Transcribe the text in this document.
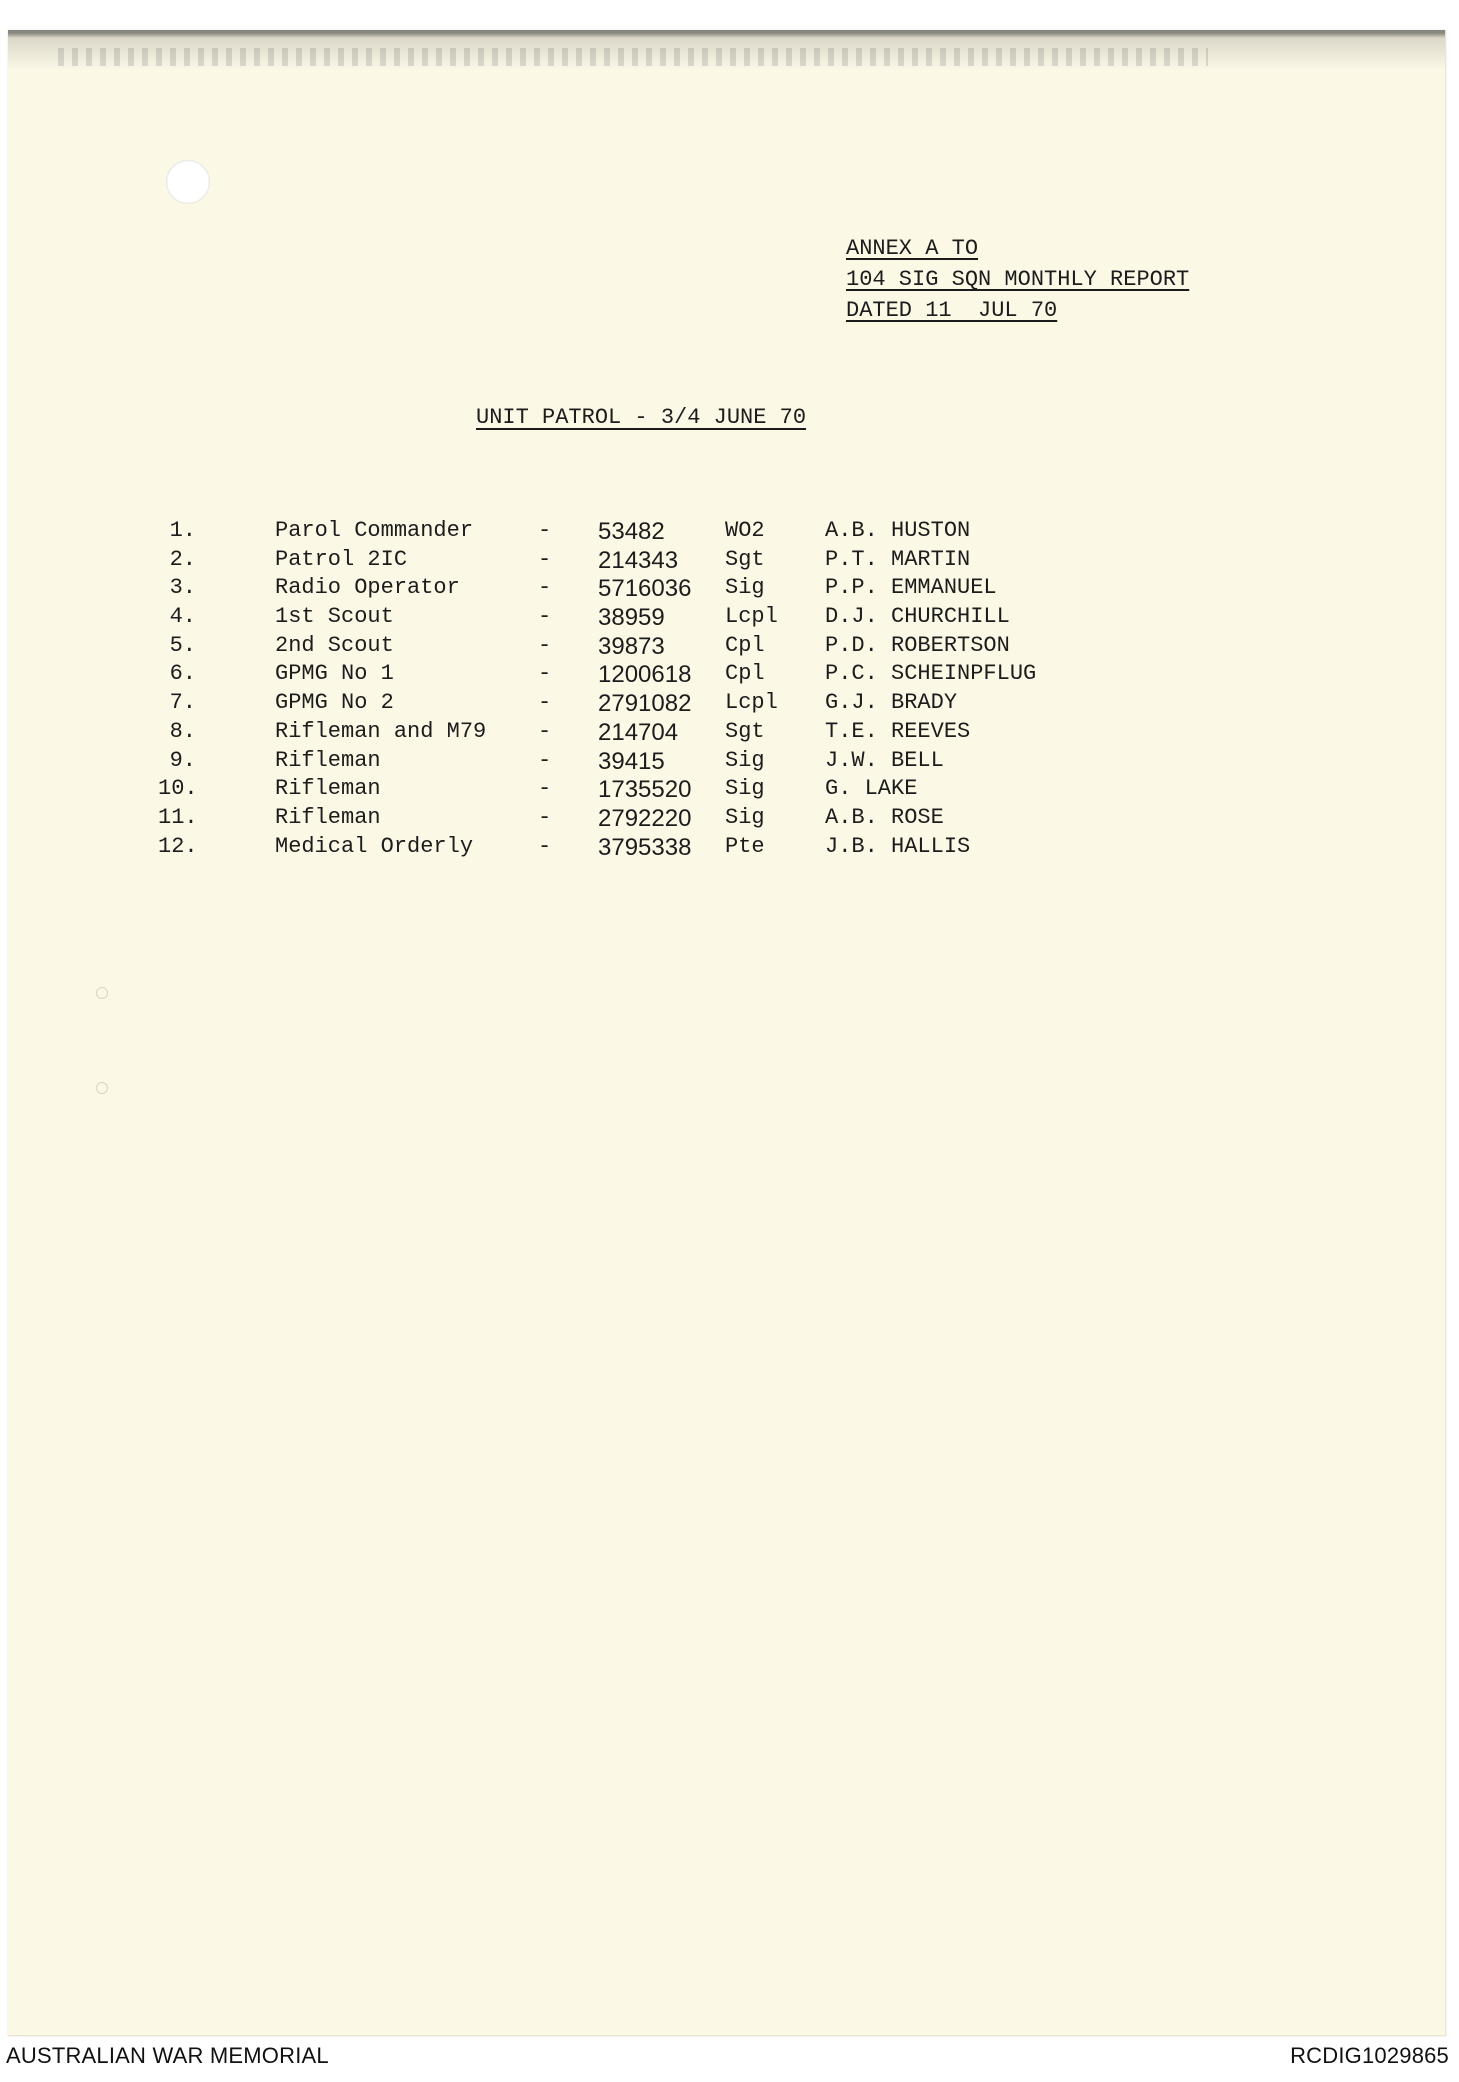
ANNEX A TO
104 SIG SQN MONTHLY REPORT
DATED 11  JUL 70
UNIT PATROL - 3/4 JUNE 70
1.	Parol Commander	- 53482	WO2	A.B. HUSTON
2.	Patrol 2IC	- 214343 Sgt	P.T. MARTIN
3.	Radio Operator	- 5716036 Sig	P.P. EMMANUEL
4.	1st Scout	- 38959	Lcpl D.J. CHURCHILL
5.	2nd Scout	- 39873	Cpl	P.D. ROBERTSON
6.	GPMG No 1	- 1200618 Cpl	P.C. SCHEINPFLUG
7.	GPMG No 2	- 2791082 Lcpl G.J. BRADY
8.	Rifleman and M79 - 214704 Sgt	T.E. REEVES
9.	Rifleman	- 39415	Sig	J.W. BELL
10.	Rifleman	- 1735520 Sig	G. LAKE
11.	Rifleman	- 2792220 Sig	A.B. ROSE
12.	Medical Orderly	- 3795338 Pte	J.B. HALLIS
AUSTRALIAN WAR MEMORIAL	RCDIG1029865
